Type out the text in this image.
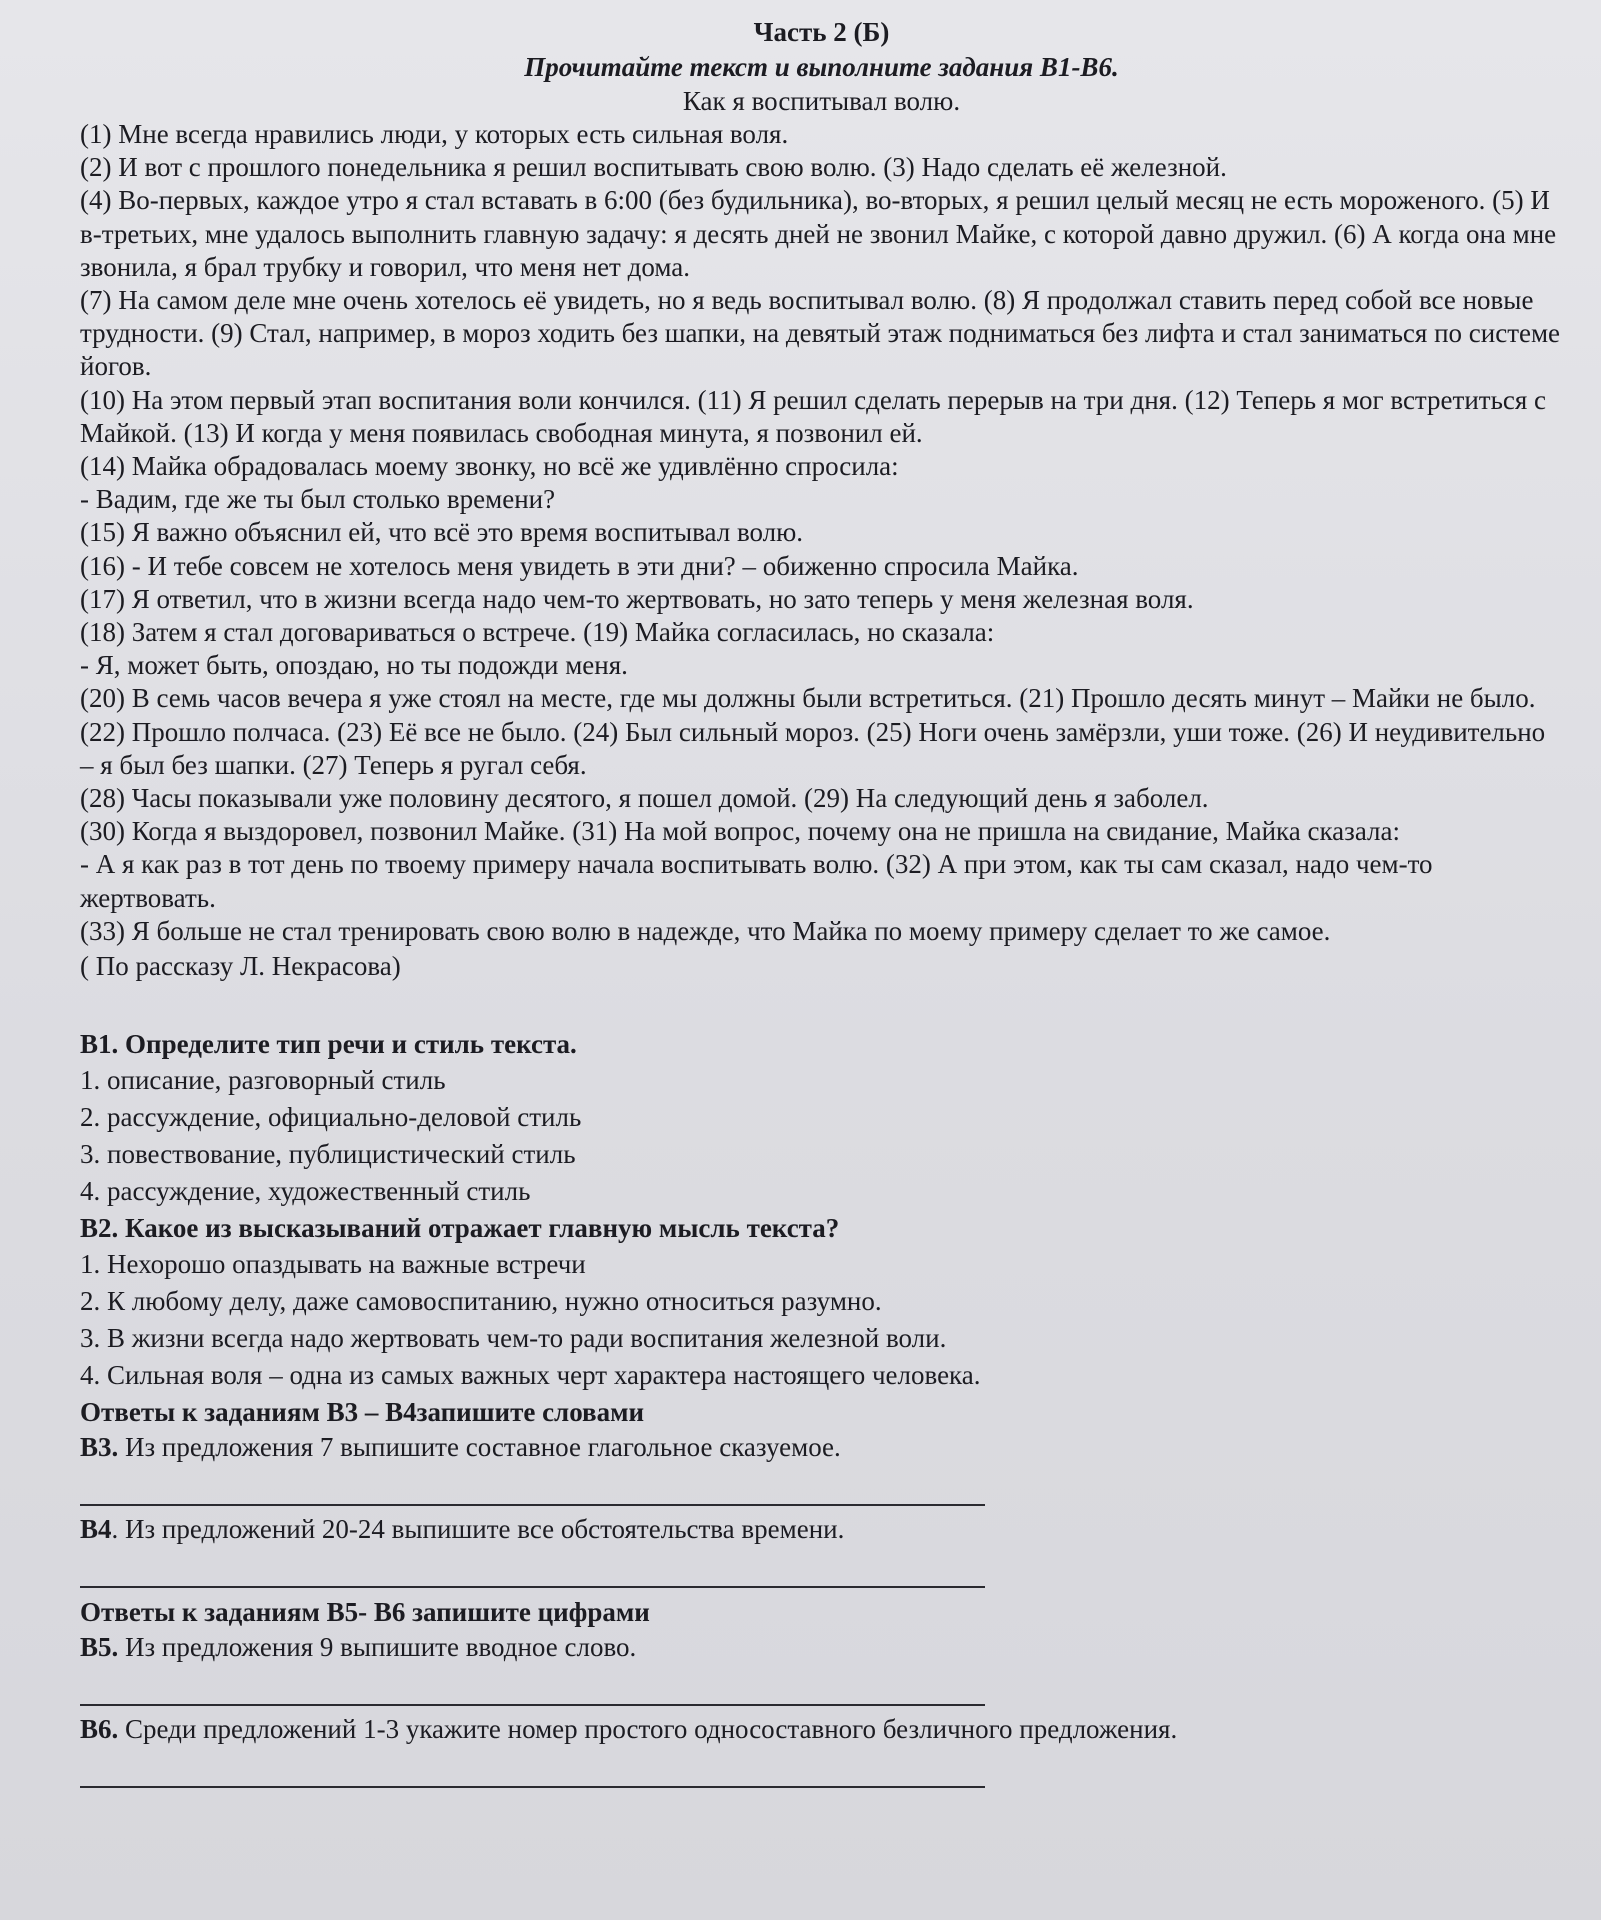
Часть 2 (Б)

Прочитайте текст и выполните задания В1-В6.

Как я воспитывал волю.

(1) Мне всегда нравились люди, у которых есть сильная воля.

(2) И вот с прошлого понедельника я решил воспитывать свою волю. (3) Надо сделать её железной.

(4) Во-первых, каждое утро я стал вставать в 6:00 (без будильника), во-вторых, я решил целый месяц не есть мороженого. (5) И в-третьих, мне удалось выполнить главную задачу: я десять дней не звонил Майке, с которой давно дружил. (6) А когда она мне звонила, я брал трубку и говорил, что меня нет дома.

(7) На самом деле мне очень хотелось её увидеть, но я ведь воспитывал волю. (8) Я продолжал ставить перед собой все новые трудности. (9) Стал, например, в мороз ходить без шапки, на девятый этаж подниматься без лифта и стал заниматься по системе йогов.

(10) На этом первый этап воспитания воли кончился. (11) Я решил сделать перерыв на три дня. (12) Теперь я мог встретиться с Майкой. (13) И когда у меня появилась свободная минута, я позвонил ей.

(14) Майка обрадовалась моему звонку, но всё же удивлённо спросила:

- Вадим, где же ты был столько времени?

(15) Я важно объяснил ей, что всё это время воспитывал волю.

(16) - И тебе совсем не хотелось меня увидеть в эти дни? – обиженно спросила Майка.

(17) Я ответил, что в жизни всегда надо чем-то жертвовать, но зато теперь у меня железная воля.

(18) Затем я стал договариваться о встрече. (19) Майка согласилась, но сказала:

- Я, может быть, опоздаю, но ты подожди меня.

(20) В семь часов вечера я уже стоял на месте, где мы должны были встретиться. (21) Прошло десять минут – Майки не было. (22) Прошло полчаса. (23) Её все не было. (24) Был сильный мороз. (25) Ноги очень замёрзли, уши тоже. (26) И неудивительно – я был без шапки. (27) Теперь я ругал себя.

(28) Часы показывали уже половину десятого, я пошел домой. (29) На следующий день я заболел.

(30) Когда я выздоровел, позвонил Майке. (31) На мой вопрос, почему она не пришла на свидание, Майка сказала:

- А я как раз в тот день по твоему примеру начала воспитывать волю. (32) А при этом, как ты сам сказал, надо чем-то жертвовать.

(33) Я больше не стал тренировать свою волю в надежде, что Майка по моему примеру сделает то же самое.

( По рассказу Л. Некрасова)

В1. Определите тип речи и стиль текста.

1. описание, разговорный стиль

2. рассуждение, официально-деловой стиль

3. повествование, публицистический стиль

4. рассуждение, художественный стиль

В2. Какое из высказываний отражает главную мысль текста?

1. Нехорошо опаздывать на важные встречи

2. К любому делу, даже самовоспитанию, нужно относиться разумно.

3. В жизни всегда надо жертвовать чем-то ради воспитания железной воли.

4. Сильная воля – одна из самых важных черт характера настоящего человека.

Ответы к заданиям В3 – В4запишите словами

В3. Из предложения 7 выпишите составное глагольное сказуемое.

В4. Из предложений 20-24 выпишите все обстоятельства времени.

Ответы к заданиям В5- В6 запишите цифрами

В5. Из предложения 9 выпишите вводное слово.

В6. Среди предложений 1-3 укажите номер простого односоставного безличного предложения.
